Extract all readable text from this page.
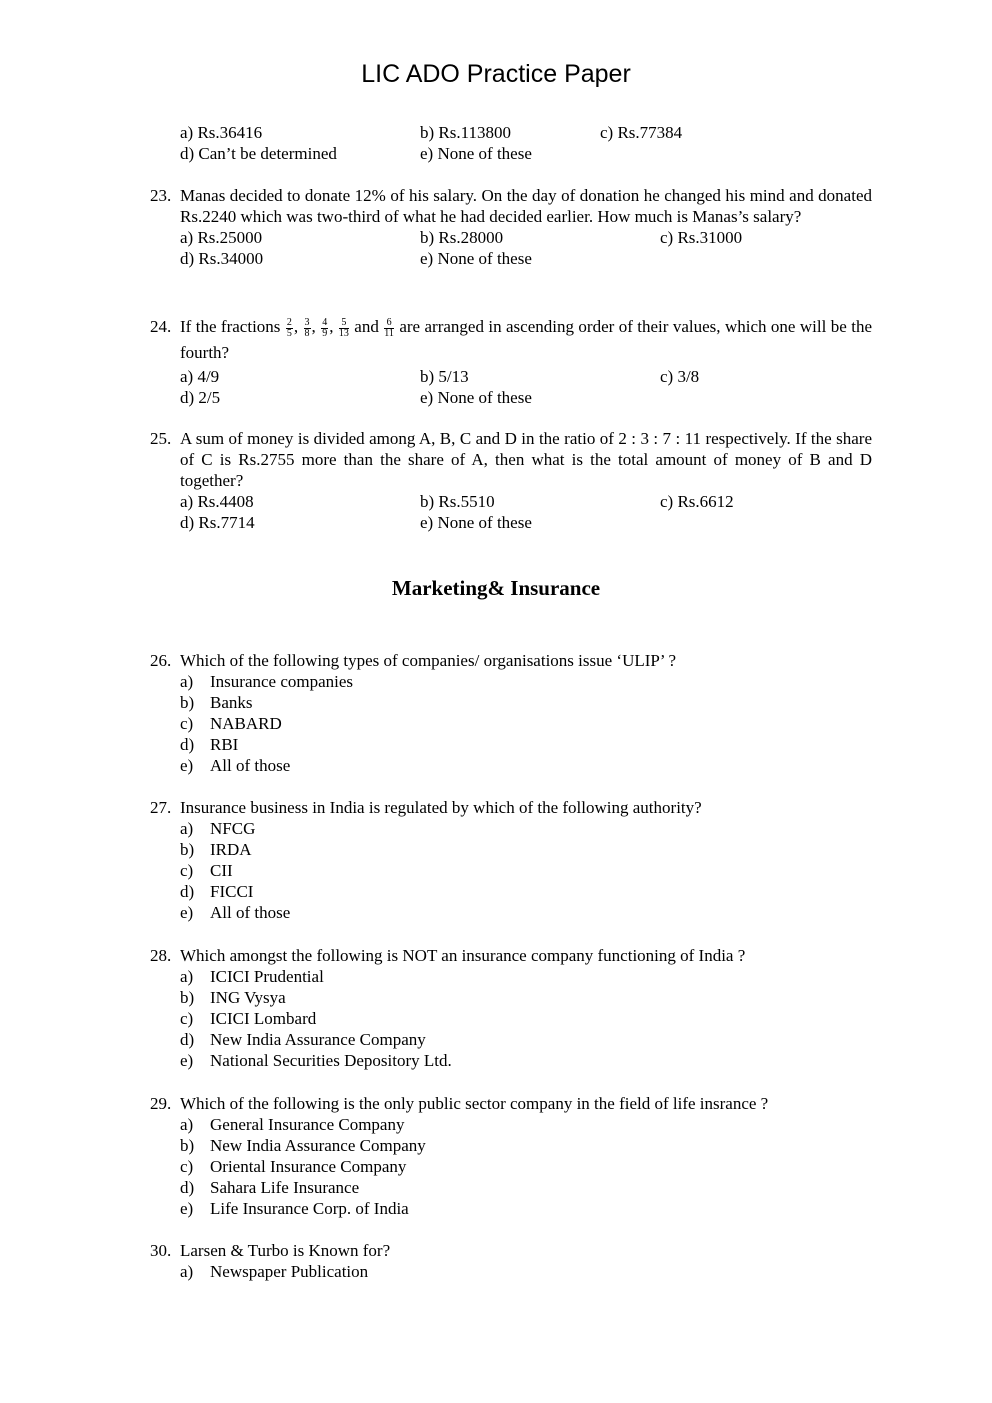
LIC ADO Practice Paper
a) Rs.36416	b) Rs.113800	c) Rs.77384
d) Can’t be determined	e) None of these
23. Manas decided to donate 12% of his salary. On the day of donation he changed his mind and donated Rs.2240 which was two-third of what he had decided earlier. How much is Manas’s salary?
a) Rs.25000	b) Rs.28000	c) Rs.31000
d) Rs.34000	e) None of these
24. If the fractions $\frac{2}{5}$ , $\frac{3}{8}$ , $\frac{4}{9}$ , $\frac{5}{13}$ and $\frac{6}{11}$ are arranged in ascending order of their values, which one will be the fourth?
a) 4/9	b) 5/13	c) 3/8
d) 2/5	e) None of these
25. A sum of money is divided among A, B, C and D in the ratio of 2 : 3 : 7 : 11 respectively. If the share of C is Rs.2755 more than the share of A, then what is the total amount of money of B and D together?
a) Rs.4408	b) Rs.5510	c) Rs.6612
d) Rs.7714	e) None of these
Marketing& Insurance
26. Which of the following types of companies/ organisations issue ‘ULIP’ ?
a) Insurance companies
b) Banks
c) NABARD
d) RBI
e) All of those
27. Insurance business in India is regulated by which of the following authority?
a) NFCG
b) IRDA
c) CII
d) FICCI
e) All of those
28. Which amongst the following is NOT an insurance company functioning of India ?
a) ICICI Prudential
b) ING Vysya
c) ICICI Lombard
d) New India Assurance Company
e) National Securities Depository Ltd.
29. Which of the following is the only public sector company in the field of life insrance ?
a) General Insurance Company
b) New India Assurance Company
c) Oriental Insurance Company
d) Sahara Life Insurance
e) Life Insurance Corp. of India
30. Larsen & Turbo is Known for?
a) Newspaper Publication
